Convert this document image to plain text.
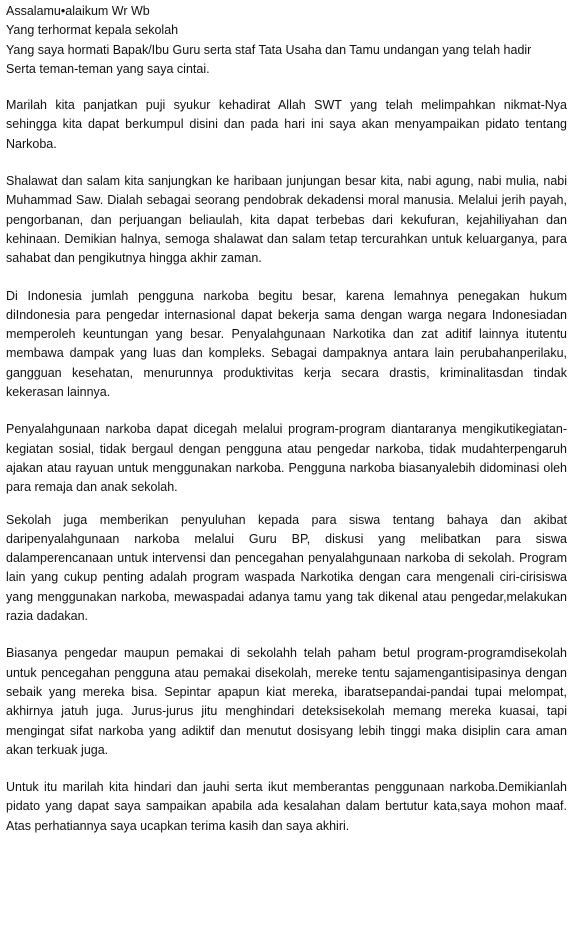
Assalamu•alaikum Wr Wb
Yang terhormat kepala sekolah
Yang saya hormati Bapak/Ibu Guru serta staf Tata Usaha dan Tamu undangan yang telah hadir
Serta teman-teman yang saya cintai.

Marilah kita panjatkan puji syukur kehadirat Allah SWT yang telah melimpahkan nikmat-Nya sehingga kita dapat berkumpul disini dan pada hari ini saya akan menyampaikan pidato tentang Narkoba.

Shalawat dan salam kita sanjungkan ke haribaan junjungan besar kita, nabi agung, nabi mulia, nabi Muhammad Saw. Dialah sebagai seorang pendobrak dekadensi moral manusia. Melalui jerih payah, pengorbanan, dan perjuangan beliaulah, kita dapat terbebas dari kekufuran, kejahiliyahan dan kehinaan. Demikian halnya, semoga shalawat dan salam tetap tercurahkan untuk keluarganya, para sahabat dan pengikutnya hingga akhir zaman.

Di Indonesia jumlah pengguna narkoba begitu besar, karena lemahnya penegakan hukum diIndonesia para pengedar internasional dapat bekerja sama dengan warga negara Indonesiadan memperoleh keuntungan yang besar. Penyalahgunaan Narkotika dan zat aditif lainnya itutentu membawa dampak yang luas dan kompleks. Sebagai dampaknya antara lain perubahanperilaku, gangguan kesehatan, menurunnya produktivitas kerja secara drastis, kriminalitasdan tindak kekerasan lainnya.

Penyalahgunaan narkoba dapat dicegah melalui program-program diantaranya mengikutikegiatan-kegiatan sosial, tidak bergaul dengan pengguna atau pengedar narkoba, tidak mudahterpengaruh ajakan atau rayuan untuk menggunakan narkoba. Pengguna narkoba biasanyalebih didominasi oleh para remaja dan anak sekolah.

Sekolah juga memberikan penyuluhan kepada para siswa tentang bahaya dan akibat daripenyalahgunaan narkoba melalui Guru BP, diskusi yang melibatkan para siswa dalamperencanaan untuk intervensi dan pencegahan penyalahgunaan narkoba di sekolah. Program lain yang cukup penting adalah program waspada Narkotika dengan cara mengenali ciri-cirisiswa yang menggunakan narkoba, mewaspadai adanya tamu yang tak dikenal atau pengedar,melakukan razia dadakan.

Biasanya pengedar maupun pemakai di sekolahh telah paham betul program-programdisekolah untuk pencegahan pengguna atau pemakai disekolah, mereke tentu sajamengantisipasinya dengan sebaik yang mereka bisa. Sepintar apapun kiat mereka, ibaratsepandai-pandai tupai melompat, akhirnya jatuh juga. Jurus-jurus jitu menghindari deteksisekolah memang mereka kuasai, tapi mengingat sifat narkoba yang adiktif dan menutut dosisyang lebih tinggi maka disiplin cara aman akan terkuak juga.

Untuk itu marilah kita hindari dan jauhi serta ikut memberantas penggunaan narkoba.Demikianlah pidato yang dapat saya sampaikan apabila ada kesalahan dalam bertutur kata,saya mohon maaf. Atas perhatiannya saya ucapkan terima kasih dan saya akhiri.
